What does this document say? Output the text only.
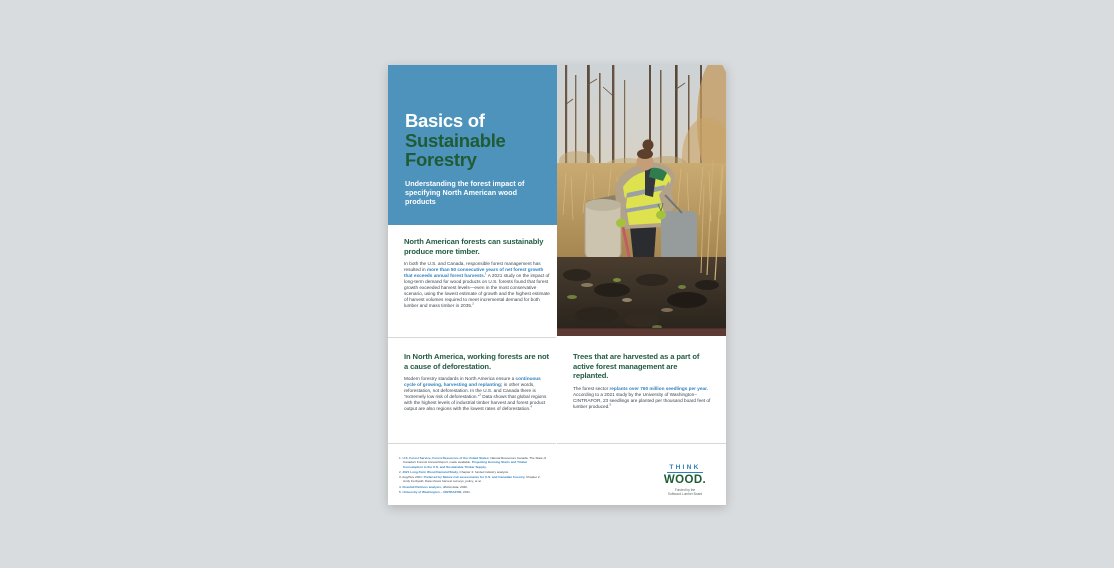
Basics of
Sustainable
Forestry

Understanding the forest impact of specifying North American wood products

North American forests can sustainably produce more timber.

In both the U.S. and Canada, responsible forest management has resulted in more than 50 consecutive years of net forest growth that exceeds annual forest harvests.$^1$ A 2021 study on the impact of long-term demand for wood products on U.S. forests found that forest growth exceeded harvest levels—even in the most conservative scenario, using the lowest estimate of growth and the highest estimate of harvest volumes required to meet incremental demand for both lumber and mass timber in 2035.$^2$

In North America, working forests are not a cause of deforestation.

Modern forestry standards in North America ensure a continuous cycle of growing, harvesting and replanting; in other words, reforestation, not deforestation. In the U.S. and Canada there is “extremely low risk of deforestation.”$^3$ Data shows that global regions with the highest levels of industrial timber harvest and forest product output are also regions with the lowest rates of deforestation.$^4$

Trees that are harvested as a part of active forest management are replanted.

The forest sector replants over 760 million seedlings per year. According to a 2021 study by the University of Washington–CINTRAFOR, 23 seedlings are planted per thousand board feet of lumber produced.$^5$

1. U.S. Forest Service, Forest Resources of the United States; Natural Resources Canada, The State of Canada's Forests Annual Report, made available. Projecting Housing Starts and Timber Consumption in the U.S. and Sustainable Timber Supply.

2. 2021 Long-Term Wood Demand Study, Chapter 4: funded industry analysis.

3. Aug/Nov 2021: Preferred by Nature risk assessments for U.S. and Canadian forestry, Chapter 2: Andy Kerbyath. Data shows harvest surveys, policy, et al.

4. Dovetail Partners analysis, official data, 2020.

5. University of Washington – CINTRAFOR, 2021.

THINK
WOOD.
Funded by the
Softwood Lumber Board
